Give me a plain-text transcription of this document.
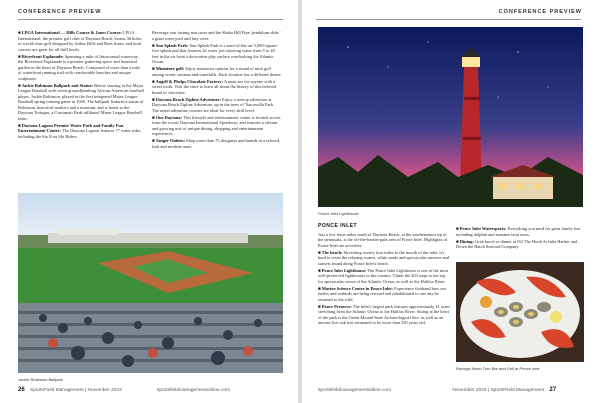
CONFERENCE PREVIEW

■ LPGA International — Hills Course & Jones Course: LPGA International, the premier golf club of Daytona Beach, boasts 36 holes of world-class golf designed by Arthur Hills and Rees Jones, and both courses are great for all skill levels.

■ Riverfront Esplanade: Spanning a mile of Intracoastal waterway, the Riverfront Esplanade is a premier gathering space and botanical garden in the heart of Daytona Beach. Composed of more than a mile of waterfront running trail with comfortable benches and unique sculptures.

■ Jackie Robinson Ballpark and Statue: Before starring in the Major League Baseball with seven groundbreaking African American baseball player, Jackie Robinson, played in the first integrated Major League Baseball spring training game in 1946. The ballpark features a statue of Robinson, historical markers and a museum, and is home to the Daytona Tortugas, a Cincinnati Reds affiliated Minor League Baseball team.

■ Daytona Lagoon Premier Water Park and Family Fun Entertainment Center: The Daytona Lagoon features 77 water rides, including the Six Foot Ski Riders

Beverage tour tasting mat racer and the Shaka Hill Pipe 'pendulum slide,' a giant wave pool and lazy river.

■ Sun Splash Park: Sun Splash Park is a state-of-the-art 5,000-square-foot splash pad that features 42 water jets shooting water from 5 to 40 feet in the air from a decorative play surface overlooking the Atlantic Ocean.

■ Miniature golf: Enjoy numerous options for a round of mini golf among scenic streams and waterfalls. Each location has a different theme.

■ Angell & Phelps Chocolate Factory: A must see for anyone with a sweet tooth. Visit the store to learn all about the history of this beloved brand of chocolate.

■ Daytona Beach Zipline Adventure: Enjoy a treetop adventure at Daytona Beach Zipline Adventure, up in the trees of Tuscawilla Park. The aerial adventure courses are ideal for every skill level.

■ One Daytona: This lifestyle and entertainment center is located across from the iconic Daytona International Speedway, and features a vibrant and growing mix of unique dining, shopping and entertainment experiences.

■ Tanger Outlets: Shop more than 75 designers and brands in a relaxed, lush and modern oasis.

Jackie Robinson Ballpark
26 SportsField Management | November 2023	sportsfieldmanagementonline.com
CONFERENCE PREVIEW
Ponce Inlet Lighthouse
PONCE INLET

Just a few short miles south of Daytona Beach, at the southernmost tip of the peninsula, is the oft-the-beaten-path area of Ponce Inlet. Highlights of Ponce Inlet are activities:

■ The beach: Stretching twenty four miles to the mouth of the inlet, it's hard to resist the relaxing waters, white sands and spectacular sunrises and sunsets found along Ponce Inlet's beach.

■ Ponce Inlet Lighthouse: The Ponce Inlet Lighthouse is one of the most well-preserved lighthouses in the country. Climb the 203 steps to the top for spectacular views of the Atlantic Ocean, as well as the Halifax River.

■ Marine Science Center in Ponce Inlet: Experience firsthand how sea turtles and seabirds are being rescued and rehabilitated to one day be returned to the wild.

■ Ponce Preserve: The Inlet's largest park features approximately 41 acres stretching from the Atlantic Ocean to the Halifax River. Sitting at the heart of the park is the Green Mound State Archaeological Site, as well as an ancient live oak tree estimated to be more than 350 years old.

■ Ponce Inlet Watersports: Everything you need for great family fun including dolphin and manatee boat tours.

■ Dining: Grab lunch or dinner at Off The Hook At Inlet Harbor and Down the Hatch Seafood Company.

Racingo North Turn Bar and Grill at Ponce Inlet
sportsfieldmanagementonline.com	November 2023 | SportsField Management 27
